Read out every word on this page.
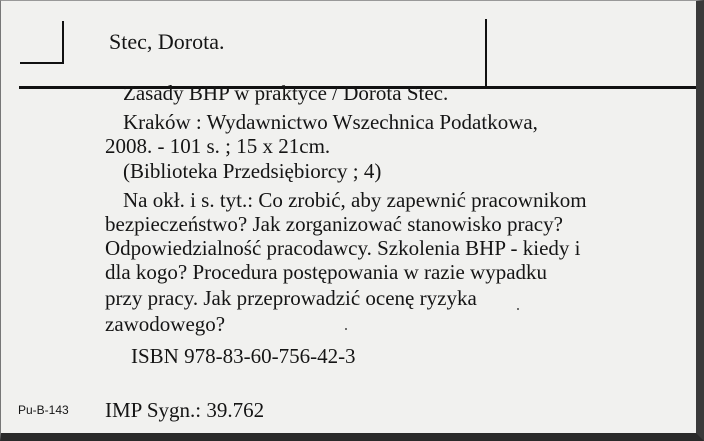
Stec, Dorota.
Zasady BHP w praktyce / Dorota Stec.
Kraków : Wydawnictwo Wszechnica Podatkowa,
2008. - 101 s. ; 15 x 21cm.
(Biblioteka Przedsiębiorcy ; 4)
Na okł. i s. tyt.: Co zrobić, aby zapewnić pracownikom
bezpieczeństwo? Jak zorganizować stanowisko pracy?
Odpowiedzialność pracodawcy. Szkolenia BHP - kiedy i
dla kogo? Procedura postępowania w razie wypadku
przy pracy. Jak przeprowadzić ocenę ryzyka
zawodowego?
ISBN 978-83-60-756-42-3
Pu-B-143 IMP Sygn.: 39.762
